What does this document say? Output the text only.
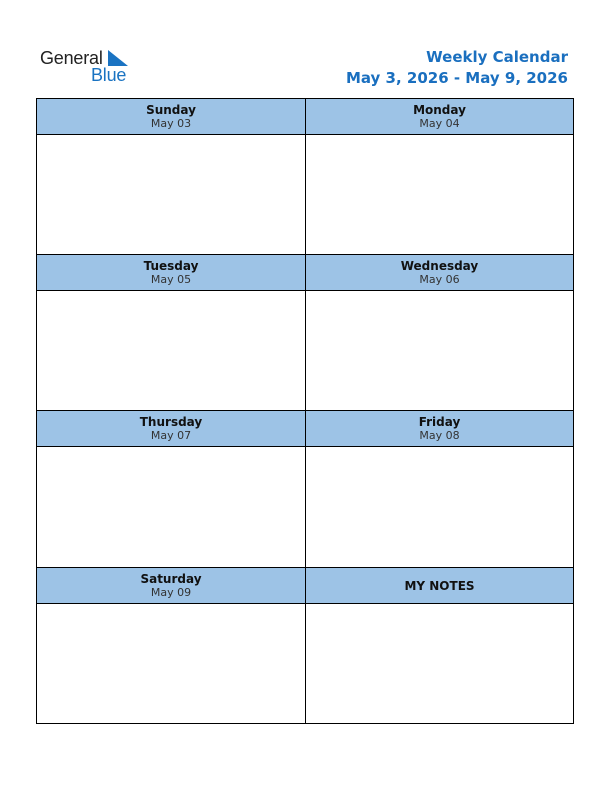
General
Blue
Weekly Calendar
May 3, 2026 - May 9, 2026
Sunday
May 03
Monday
May 04
Tuesday
May 05
Wednesday
May 06
Thursday
May 07
Friday
May 08
Saturday
May 09	MY NOTES
